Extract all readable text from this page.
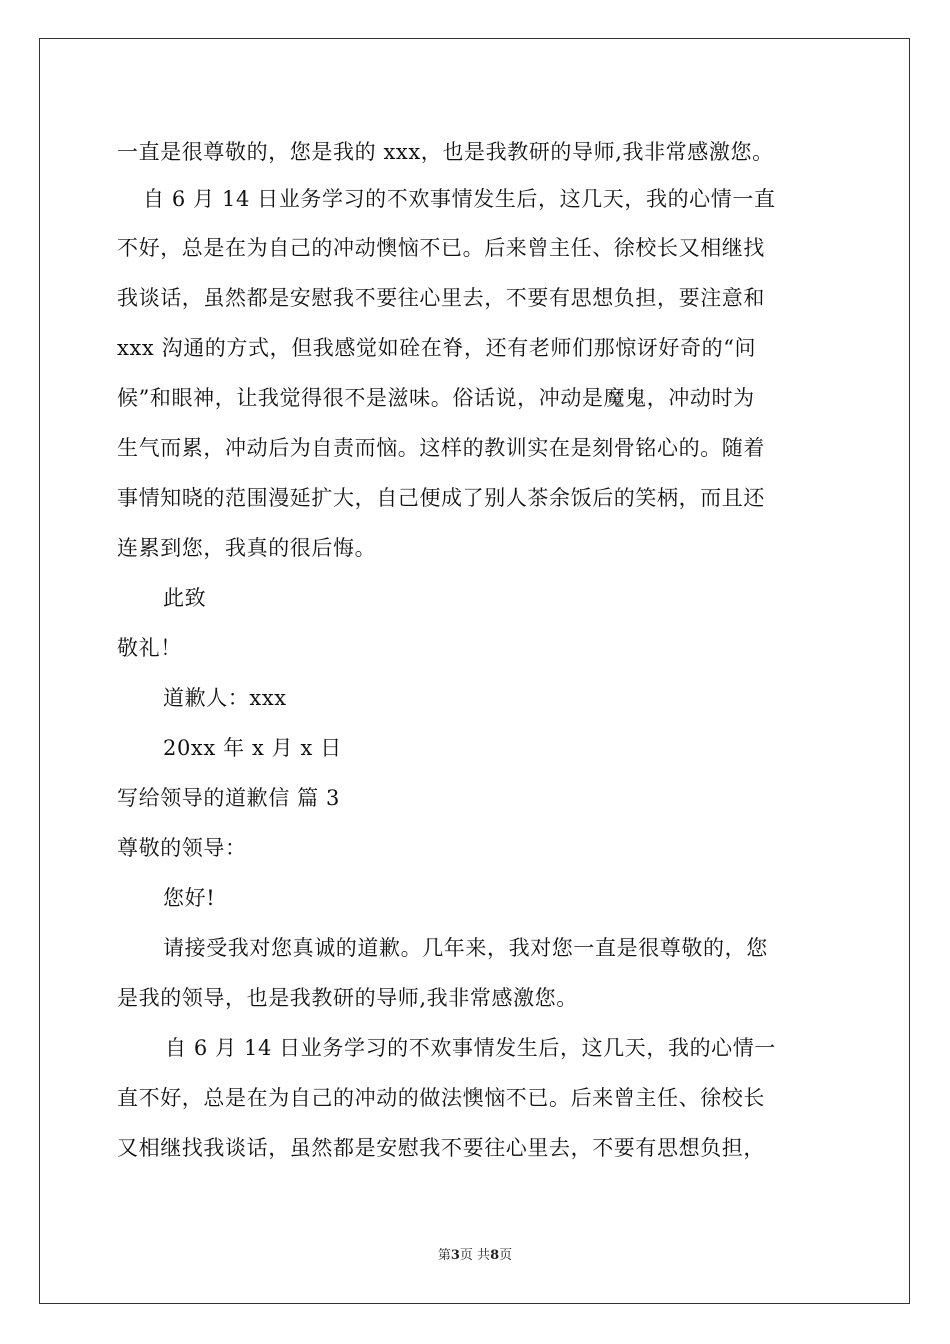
一直是很尊敬的，您是我的 xxx，也是我教研的导师,我非常感激您。
自 6 月 14 日业务学习的不欢事情发生后，这几天，我的心情一直
不好，总是在为自己的冲动懊恼不已。后来曾主任、徐校长又相继找
我谈话，虽然都是安慰我不要往心里去，不要有思想负担，要注意和
xxx 沟通的方式，但我感觉如硂在脊，还有老师们那惊讶好奇的“问
候”和眼神，让我觉得很不是滋味。俗话说，冲动是魔鬼，冲动时为
生气而累，冲动后为自责而恼。这样的教训实在是刻骨铭心的。随着
事情知晓的范围漫延扩大，自己便成了别人茶余饭后的笑柄，而且还
连累到您，我真的很后悔。
此致
敬礼！
道歉人：xxx
20xx 年 x 月 x 日
写给领导的道歉信 篇 3
尊敬的领导：
您好!
请接受我对您真诚的道歉。几年来，我对您一直是很尊敬的，您
是我的领导，也是我教研的导师,我非常感激您。
自 6 月 14 日业务学习的不欢事情发生后，这几天，我的心情一
直不好，总是在为自己的冲动的做法懊恼不已。后来曾主任、徐校长
又相继找我谈话，虽然都是安慰我不要往心里去，不要有思想负担，
第3页 共8页
